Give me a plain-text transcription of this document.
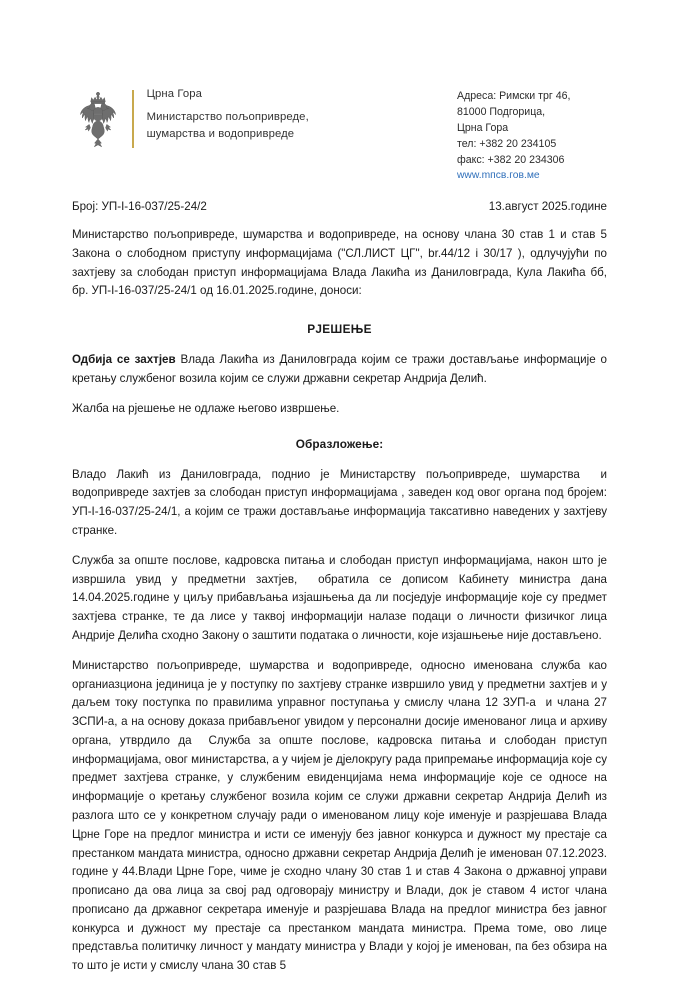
Црна Гора
Министарство пољопривреде,
шумарства и водопривреде
Адреса: Римски трг 46,
81000 Подгорица,
Црна Гора
тел: +382 20 234105
факс: +382 20 234306
www.mпсв.гов.ме
Број: УП-I-16-037/25-24/2	13.август 2025.године

Министарство пољопривреде, шумарства и водопривреде, на основу члана 30 став 1 и став 5 Закона о слободном приступу информацијама ("СЛ.ЛИСТ ЦГ", br.44/12 i 30/17 ), одлучујући по захтјеву за слободан приступ информацијама Влада Лакића из Даниловграда, Кула Лакића бб,  бр. УП-I-16-037/25-24/1 од 16.01.2025.године, доноси:

РЈЕШЕЊЕ

Одбија се захтјев Влада Лакића из Даниловграда којим се тражи достављање информације о кретању службеног возила којим се служи државни секретар Андрија Делић.

Жалба на рјешење не одлаже његово извршење.

Образложење:

Владо Лакић из Даниловграда, поднио је Министарству пољопривреде, шумарства  и водопривреде захтјев за слободан приступ информацијама , заведен код овог органа под бројем: УП-I-16-037/25-24/1, а којим се тражи достављање информација таксативно наведених у захтјеву странке.

Служба за опште послове, кадровска питања и слободан приступ информацијама, након што је извршила увид у предметни захтјев,  обратила се дописом Кабинету министра дана 14.04.2025.године у циљу прибављања изјашњења да ли посједује информације које су предмет захтјева странке, те да лисе у таквој информацији налазе подаци о личности физичког лица Андрије Делића сходно Закону о заштити података о личности, које изјашњење није достављено.

Министарство пољопривреде, шумарства и водопривреде, односно именована служба као органиазциона јединица је у поступку по захтјеву странке извршило увид у предметни захтјев и у даљем току поступка по правилима управног поступања у смислу члана 12 ЗУП-а  и члана 27 ЗСПИ-а, а на основу доказа прибављеног увидом у персонални досије именованог лица и архиву органа, утврдило да  Служба за опште послове, кадровска питања и слободан приступ информацијама, овог министарства, а у чијем је дјелокругу рада припремање информација које су предмет захтјева странке, у службеним евиденцијама нема информације које се односе на информације о кретању службеног возила којим се служи државни секретар Андрија Делић из разлога што се у конкретном случају ради о именованом лицу које именује и разрјешава Влада Црне Горе на предлог министра и исти се именују без јавног конкурса и дужност му престаје са престанком мандата министра, односно државни секретар Андрија Делић је именован 07.12.2023. године у 44.Влади Црне Горе, чиме је сходно члану 30 став 1 и став 4 Закона о државној управи  прописано да ова лица за свој рад одговорају министру и Влади, док је ставом 4 истог члана прописано да државног секретара именује и разрјешава Влада на предлог министра без јавног конкурса и дужност му престаје са престанком мандата министра. Према томе, ово лице представља политичку личност у мандату министра у Влади у којој је именован, па без обзира на то што је исти у смислу члана 30 став 5
